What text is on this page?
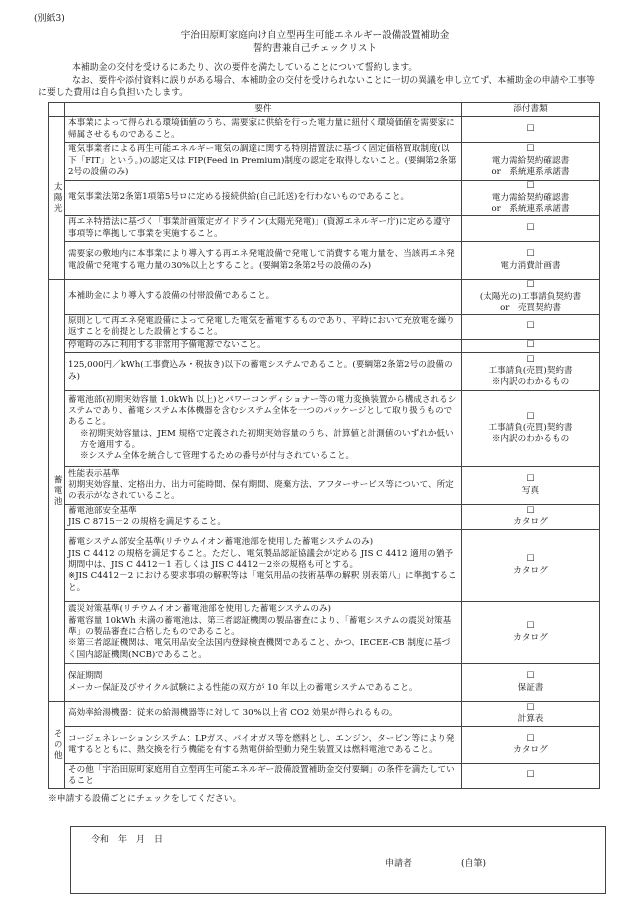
(別紙3)
宇治田原町家庭向け自立型再生可能エネルギー設備設置補助金
誓約書兼自己チェックリスト

本補助金の交付を受けるにあたり、次の要件を満たしていることについて誓約します。

なお、要件や添付資料に誤りがある場合、本補助金の交付を受けられないことに一切の異議を申し立てず、本補助金の申請や工事等に要した費用は自ら負担いたします。

	要件	添付書類
太陽光	本事業によって得られる環境価値のうち、需要家に供給を行った電力量に紐付く環境価値を需要家に帰属させるものであること。	☐

	電気事業者による再生可能エネルギー電気の調達に関する特別措置法に基づく固定価格買取制度(以下「FIT」という。)の認定又は FIP(Feed in Premium)制度の認定を取得しないこと。(要綱第2条第2号の設備のみ)	☐
電力需給契約確認書
or　系統連系承諾書

	電気事業法第2条第1項第5号ロに定める接続供給(自己託送)を行わないものであること。	☐
電力需給契約確認書
or　系統連系承諾書

	再エネ特措法に基づく「事業計画策定ガイドライン(太陽光発電)」(資源エネルギー庁)に定める遵守事項等に準拠して事業を実施すること。	☐

	需要家の敷地内に本事業により導入する再エネ発電設備で発電して消費する電力量を、当該再エネ発電設備で発電する電力量の30%以上とすること。(要綱第2条第2号の設備のみ)	☐
電力消費計画書

蓄電池	本補助金により導入する設備の付帯設備であること。	☐
(太陽光の)工事請負契約書
or　売買契約書

	原則として再エネ発電設備によって発電した電気を蓄電するものであり、平時において充放電を繰り返すことを前提とした設備とすること。	☐
	停電時のみに利用する非常用予備電源でないこと。	☐
	125,000円／kWh(工事費込み・税抜き)以下の蓄電システムであること。(要綱第2条第2号の設備のみ)	☐
工事請負(売買)契約書
※内訳のわかるもの

	蓄電池部(初期実効容量 1.0kWh 以上)とパワーコンディショナー等の電力変換装置から構成されるシステムであり、蓄電システム本体機器を含むシステム全体を一つのパッケージとして取り扱うものであること。
※初期実効容量は、JEM 規格で定義された初期実効容量のうち、計算値と計測値のいずれか低い方を適用する。
※システム全体を統合して管理するための番号が付与されていること。	☐
工事請負(売買)契約書
※内訳のわかるもの

	性能表示基準
初期実効容量、定格出力、出力可能時間、保有期間、廃棄方法、アフターサービス等について、所定の表示がなされていること。	☐
写真

	蓄電池部安全基準
JIS C 8715－2 の規格を満足すること。	☐
カタログ

	蓄電システム部安全基準(リチウムイオン蓄電池部を使用した蓄電システムのみ)
JIS C 4412 の規格を満足すること。ただし、電気製品認証協議会が定める JIS C 4412 適用の猶予期間中は、JIS C 4412－1 若しくは JIS C 4412－2※の規格も可とする。
※JIS C4412－2 における要求事項の解釈等は「電気用品の技術基準の解釈 別表第八」に準拠すること。	☐
カタログ

	震災対策基準(リチウムイオン蓄電池部を使用した蓄電システムのみ)
蓄電容量 10kWh 未満の蓄電池は、第三者認証機関の製品審査により、「蓄電システムの震災対策基準」の製品審査に合格したものであること。
※第三者認証機関は、電気用品安全法国内登録検査機関であること、かつ、IECEE-CB 制度に基づく国内認証機関(NCB)であること。	☐
カタログ

	保証期間
メーカー保証及びサイクル試験による性能の双方が 10 年以上の蓄電システムであること。	☐
保証書

その他	高効率給湯機器：従来の給湯機器等に対して 30%以上省 CO2 効果が得られるもの。	☐
計算表

	コージェネレーションシステム：LPガス、バイオガス等を燃料とし、エンジン、タービン等により発電するとともに、熱交換を行う機能を有する熱電併給型動力発生装置又は燃料電池であること。	☐
カタログ

	その他「宇治田原町家庭用自立型再生可能エネルギー設備設置補助金交付要綱」の条件を満たしていること	☐
※申請する設備ごとにチェックをしてください。
令和　年　月　日
申請者	(自筆)
